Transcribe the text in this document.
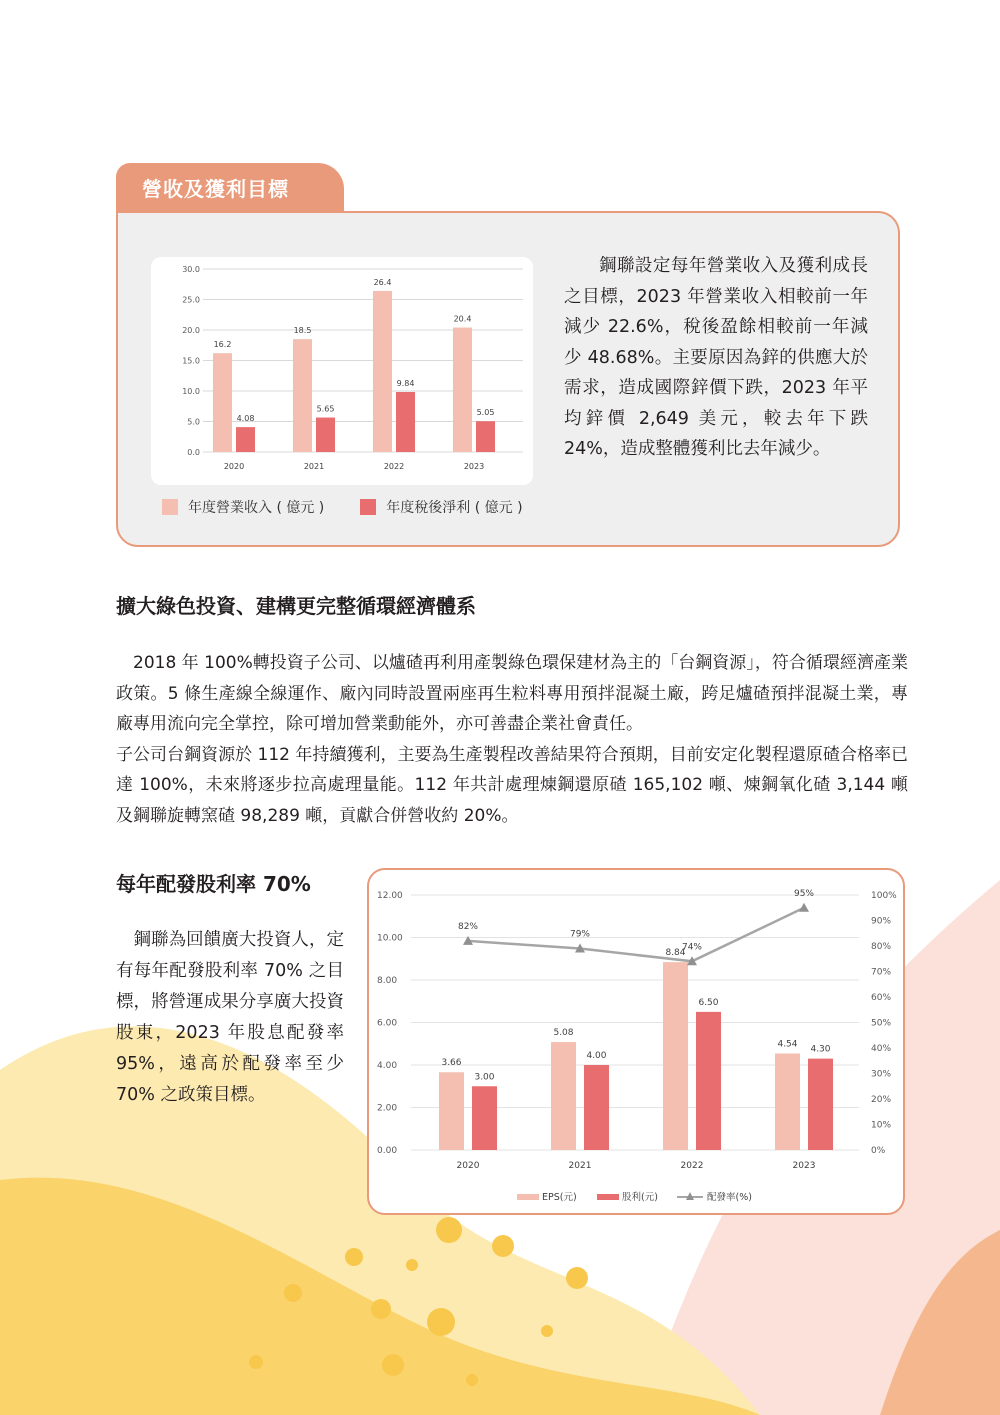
營收及獲利目標
0.0
5.0
10.0
15.0
20.0
25.0
30.0
16.2
4.08
2020
18.5
5.65
2021
26.4
9.84
2022
20.4
5.05
2023
年度營業收入 ( 億元 )	年度稅後淨利 ( 億元 )
鋼聯設定每年營業收入及獲利成長之目標，2023 年營業收入相較前一年減少 22.6%，稅後盈餘相較前一年減少 48.68%。主要原因為鋅的供應大於需求，造成國際鋅價下跌，2023 年平均鋅價 2,649 美元，較去年下跌 24%，造成整體獲利比去年減少。
擴大綠色投資、建構更完整循環經濟體系

2018 年 100%轉投資子公司、以爐碴再利用產製綠色環保建材為主的「台鋼資源」，符合循環經濟產業政策。5 條生產線全線運作、廠內同時設置兩座再生粒料專用預拌混凝土廠，跨足爐碴預拌混凝土業，專廠專用流向完全掌控，除可增加營業動能外，亦可善盡企業社會責任。

子公司台鋼資源於 112 年持續獲利，主要為生產製程改善結果符合預期，目前安定化製程還原碴合格率已達 100%，未來將逐步拉高處理量能。112 年共計處理煉鋼還原碴 165,102 噸、煉鋼氧化碴 3,144 噸及鋼聯旋轉窯碴 98,289 噸，貢獻合併營收約 20%。

每年配發股利率 70%
鋼聯為回饋廣大投資人，定有每年配發股利率 70% 之目標，將營運成果分享廣大投資股東，2023 年股息配發率 95%，遠高於配發率至少 70% 之政策目標。
0.00
2.00
4.00
6.00
8.00
10.00
12.00
0%
10%
20%
30%
40%
50%
60%
70%
80%
90%
100%
3.66
3.00
2020
5.08
4.00
2021
8.84
6.50
2022
4.54
4.30
2023
82%
79%
74%
95%
EPS(元)	股利(元)	配發率(%)
